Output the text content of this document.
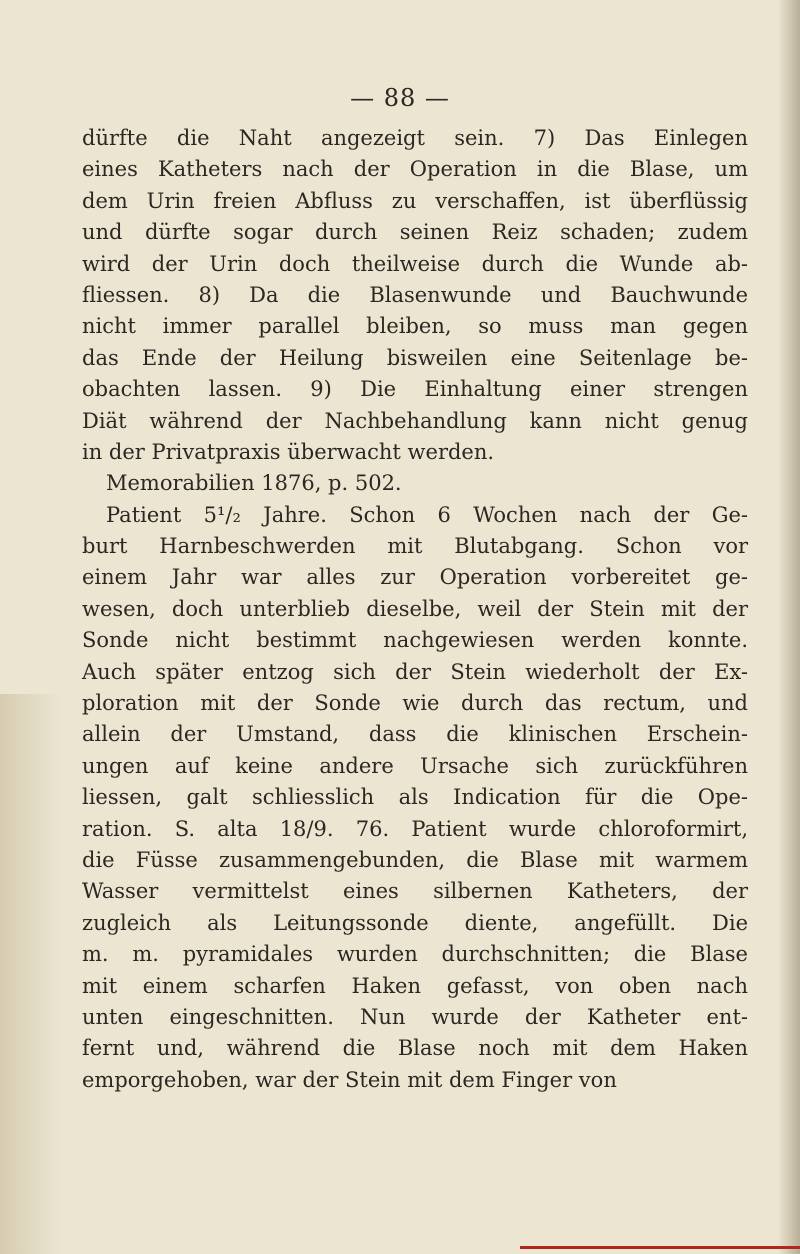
— 88 —
dürfte die Naht angezeigt sein. 7) Das Einlegen
eines Katheters nach der Operation in die Blase, um
dem Urin freien Abfluss zu verschaffen, ist überflüssig
und dürfte sogar durch seinen Reiz schaden; zudem
wird der Urin doch theilweise durch die Wunde ab-
fliessen. 8) Da die Blasenwunde und Bauchwunde
nicht immer parallel bleiben, so muss man gegen
das Ende der Heilung bisweilen eine Seitenlage be-
obachten lassen. 9) Die Einhaltung einer strengen
Diät während der Nachbehandlung kann nicht genug
in der Privatpraxis überwacht werden.
Memorabilien 1876, p. 502.
Patient 5¹/₂ Jahre. Schon 6 Wochen nach der Ge-
burt Harnbeschwerden mit Blutabgang. Schon vor
einem Jahr war alles zur Operation vorbereitet ge-
wesen, doch unterblieb dieselbe, weil der Stein mit der
Sonde nicht bestimmt nachgewiesen werden konnte.
Auch später entzog sich der Stein wiederholt der Ex-
ploration mit der Sonde wie durch das rectum, und
allein der Umstand, dass die klinischen Erschein-
ungen auf keine andere Ursache sich zurückführen
liessen, galt schliesslich als Indication für die Ope-
ration. S. alta 18/9. 76. Patient wurde chloroformirt,
die Füsse zusammengebunden, die Blase mit warmem
Wasser vermittelst eines silbernen Katheters, der
zugleich als Leitungssonde diente, angefüllt. Die
m. m. pyramidales wurden durchschnitten; die Blase
mit einem scharfen Haken gefasst, von oben nach
unten eingeschnitten. Nun wurde der Katheter ent-
fernt und, während die Blase noch mit dem Haken
emporgehoben, war der Stein mit dem Finger von
